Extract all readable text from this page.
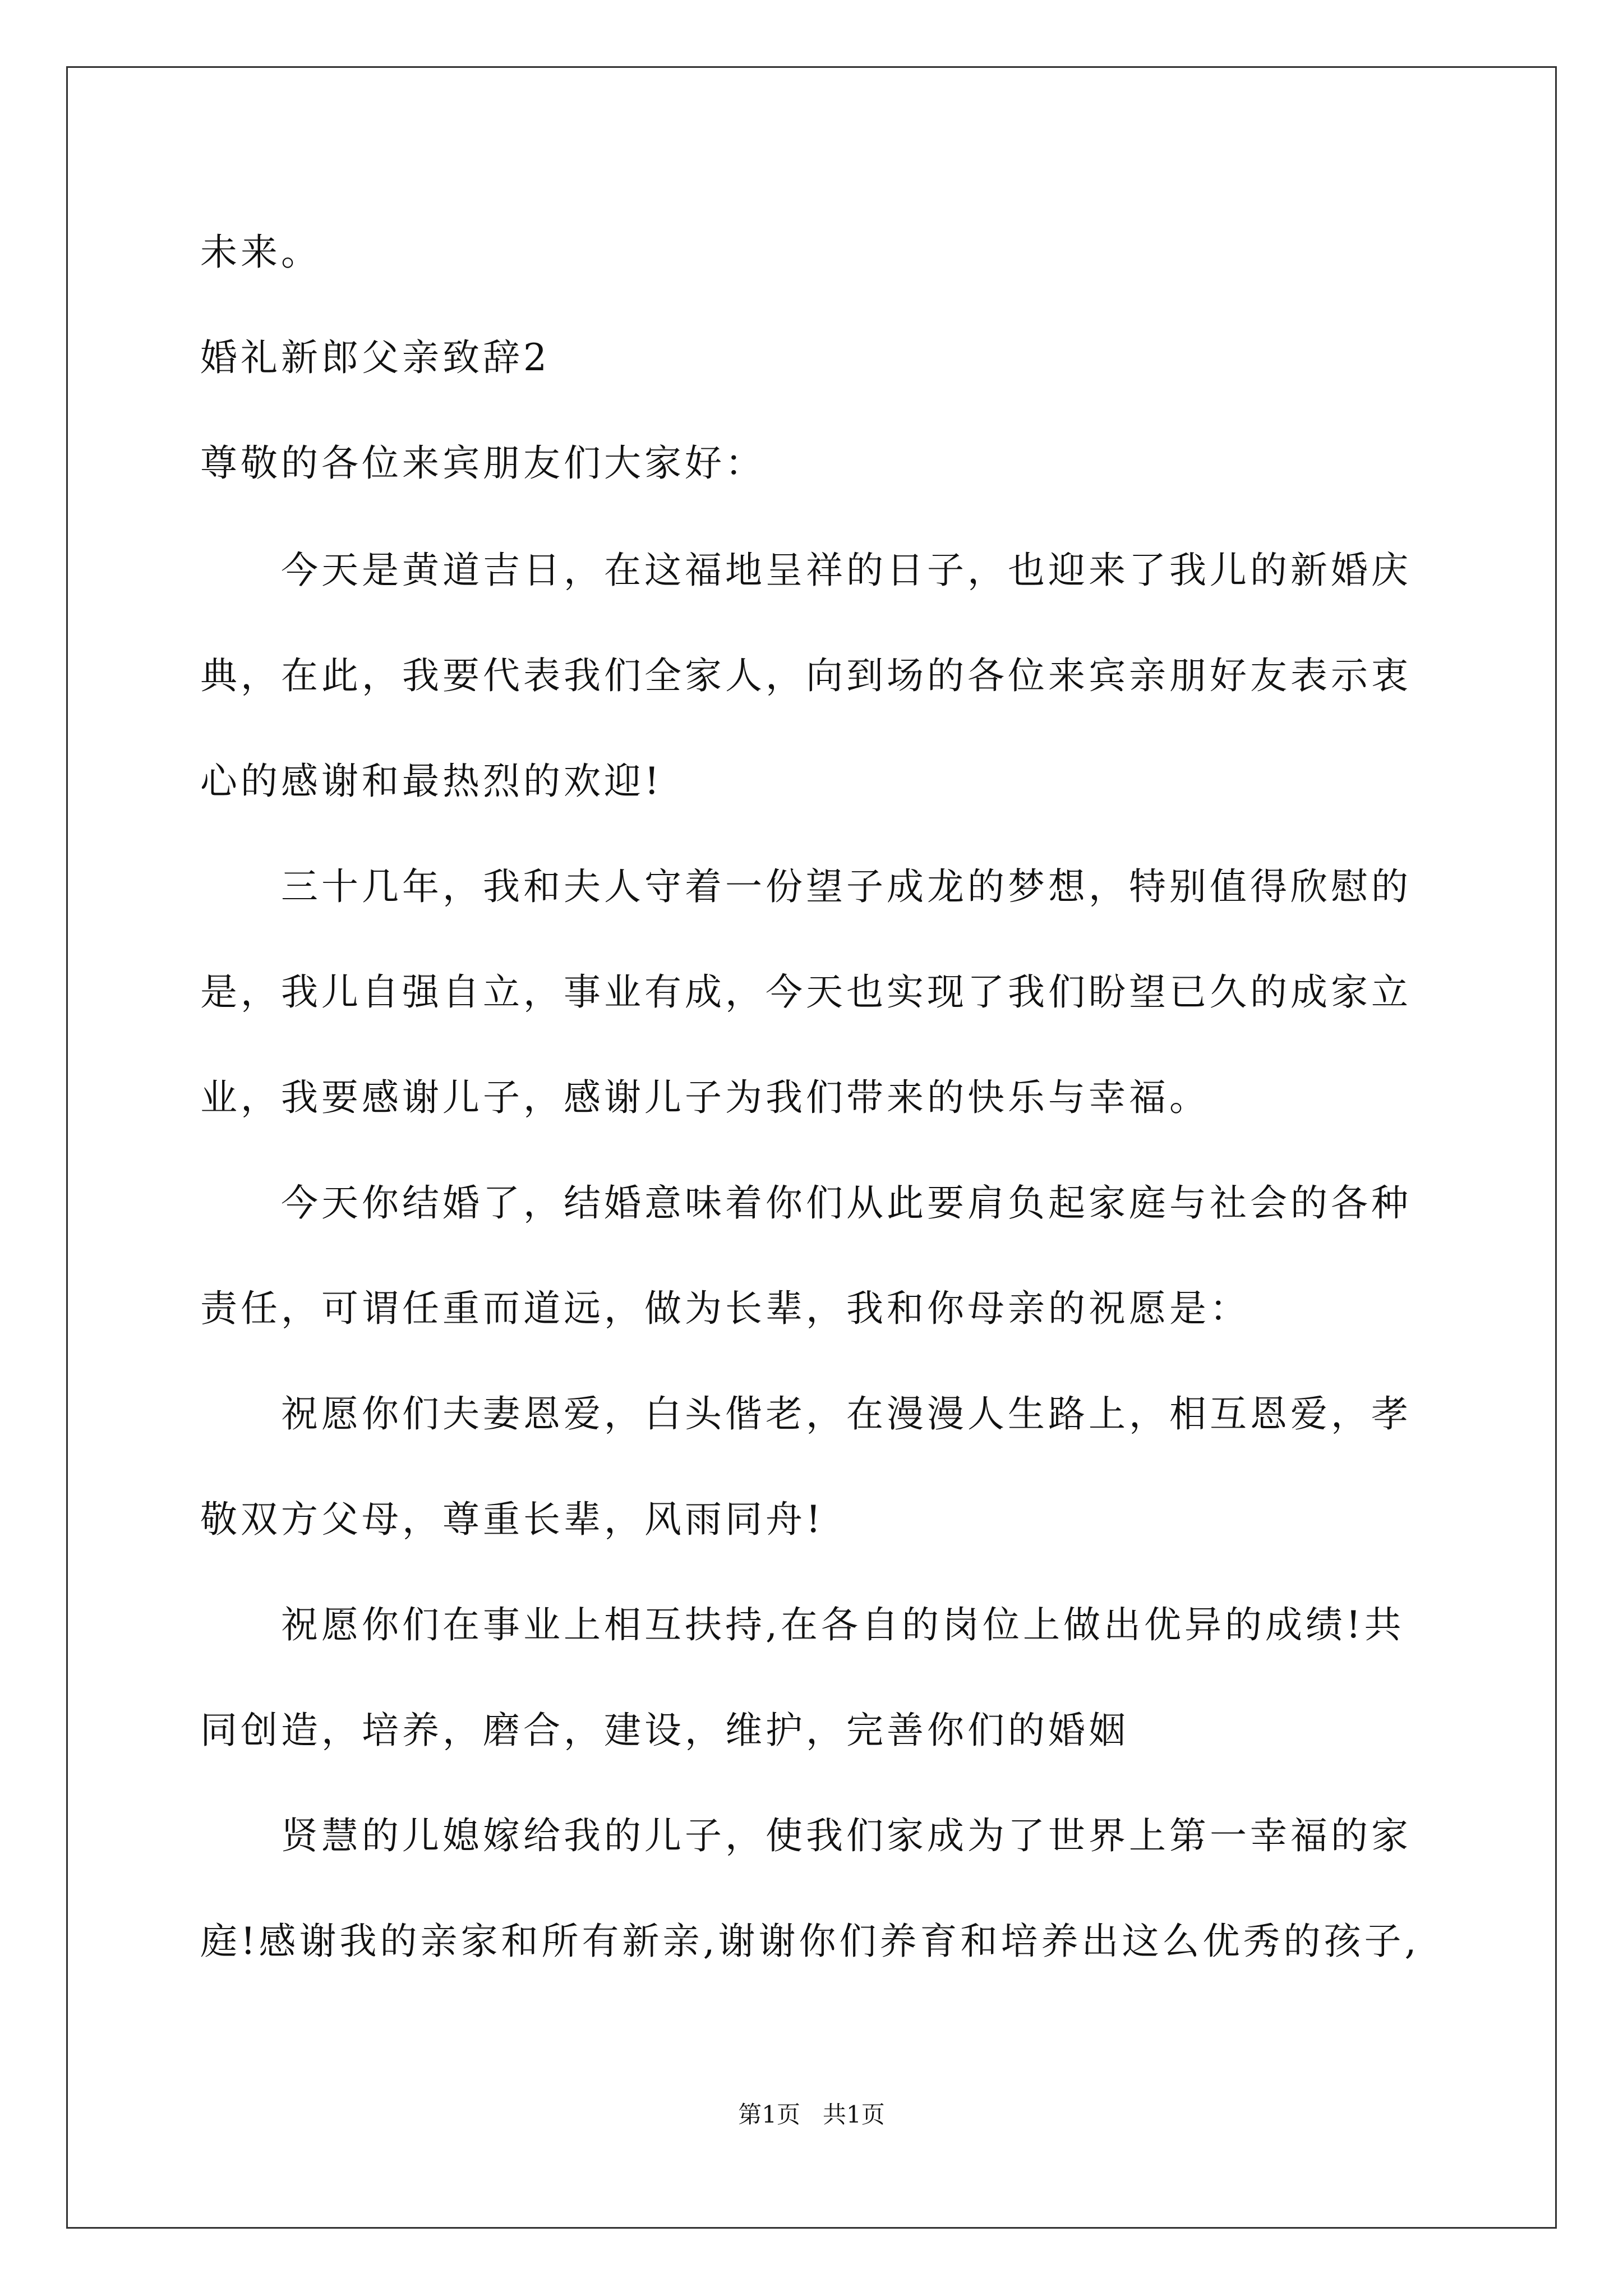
未来。
婚礼新郎父亲致辞2
尊敬的各位来宾朋友们大家好：
今天是黄道吉日，在这福地呈祥的日子，也迎来了我儿的新婚庆
典，在此，我要代表我们全家人，向到场的各位来宾亲朋好友表示衷
心的感谢和最热烈的欢迎!
三十几年，我和夫人守着一份望子成龙的梦想，特别值得欣慰的
是，我儿自强自立，事业有成，今天也实现了我们盼望已久的成家立
业，我要感谢儿子，感谢儿子为我们带来的快乐与幸福。
今天你结婚了，结婚意味着你们从此要肩负起家庭与社会的各种
责任，可谓任重而道远，做为长辈，我和你母亲的祝愿是：
祝愿你们夫妻恩爱，白头偕老，在漫漫人生路上，相互恩爱，孝
敬双方父母，尊重长辈，风雨同舟!
祝愿你们在事业上相互扶持,在各自的岗位上做出优异的成绩!共
同创造，培养，磨合，建设，维护，完善你们的婚姻
贤慧的儿媳嫁给我的儿子，使我们家成为了世界上第一幸福的家
庭!感谢我的亲家和所有新亲,谢谢你们养育和培养出这么优秀的孩子,
第1页   共1页
